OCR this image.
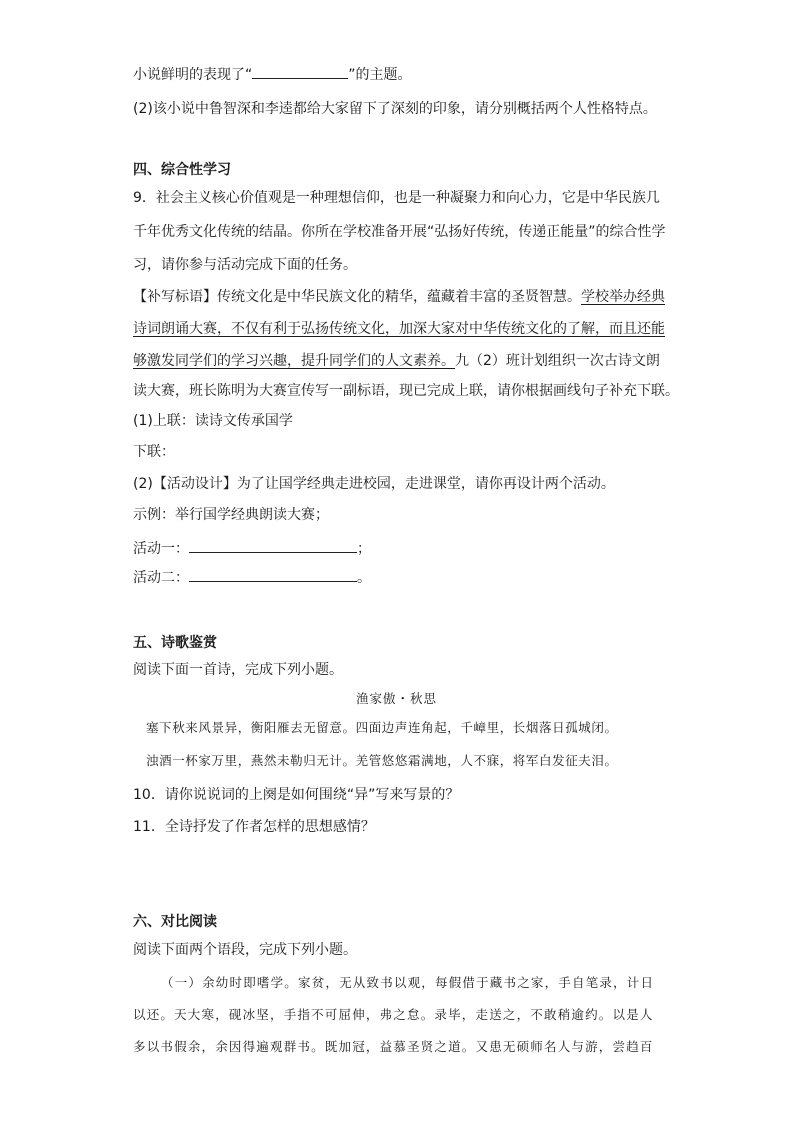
小说鲜明的表现了“	”的主题。
(2)该小说中鲁智深和李逵都给大家留下了深刻的印象，请分别概括两个人性格特点。
四、综合性学习
9．社会主义核心价值观是一种理想信仰，也是一种凝聚力和向心力，它是中华民族几
千年优秀文化传统的结晶。你所在学校准备开展“弘扬好传统，传递正能量”的综合性学
习，请你参与活动完成下面的任务。
【补写标语】传统文化是中华民族文化的精华，蕴藏着丰富的圣贤智慧。学校举办经典
诗词朗诵大赛，不仅有利于弘扬传统文化，加深大家对中华传统文化的了解，而且还能
够激发同学们的学习兴趣，提升同学们的人文素养。九（2）班计划组织一次古诗文朗
读大赛，班长陈明为大赛宣传写一副标语，现已完成上联，请你根据画线句子补充下联。
(1)上联：读诗文传承国学
下联：
(2)【活动设计】为了让国学经典走进校园，走进课堂，请你再设计两个活动。
示例：举行国学经典朗读大赛；
活动一：	；
活动二：	。
五、诗歌鉴赏
阅读下面一首诗，完成下列小题。
渔家傲・秋思
塞下秋来风景异，衡阳雁去无留意。四面边声连角起，千嶂里，长烟落日孤城闭。
浊酒一杯家万里，燕然未勒归无计。羌管悠悠霜满地，人不寐，将军白发征夫泪。
10．请你说说词的上阕是如何围绕“异”写来写景的？
11．全诗抒发了作者怎样的思想感情？
六、对比阅读
阅读下面两个语段，完成下列小题。
（一）余幼时即嗜学。家贫，无从致书以观，每假借于藏书之家，手自笔录，计日
以还。天大寒，砚冰坚，手指不可屈伸，弗之怠。录毕，走送之，不敢稍逾约。以是人
多以书假余，余因得遍观群书。既加冠，益慕圣贤之道。又患无硕师名人与游，尝趋百
